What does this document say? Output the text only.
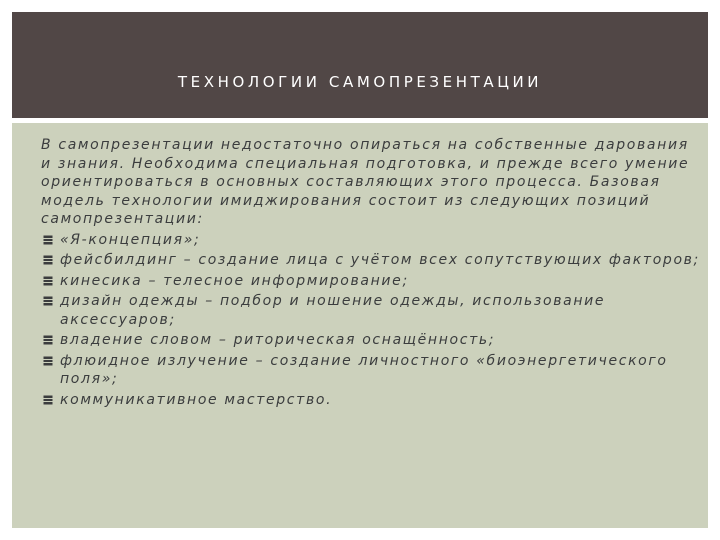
ТЕХНОЛОГИИ САМОПРЕЗЕНТАЦИИ

В самопрезентации недостаточно опираться на собственные дарования и знания. Необходима специальная подготовка, и прежде всего умение ориентироваться в основных составляющих этого процесса. Базовая модель технологии имиджирования состоит из следующих позиций самопрезентации:

«Я-концепция»;
фейсбилдинг – создание лица с учётом всех сопутствующих факторов;
кинесика – телесное информирование;
дизайн одежды – подбор и ношение одежды, использование аксессуаров;
владение словом – риторическая оснащённость;
флюидное излучение – создание личностного «биоэнергетического поля»;
коммуникативное мастерство.
